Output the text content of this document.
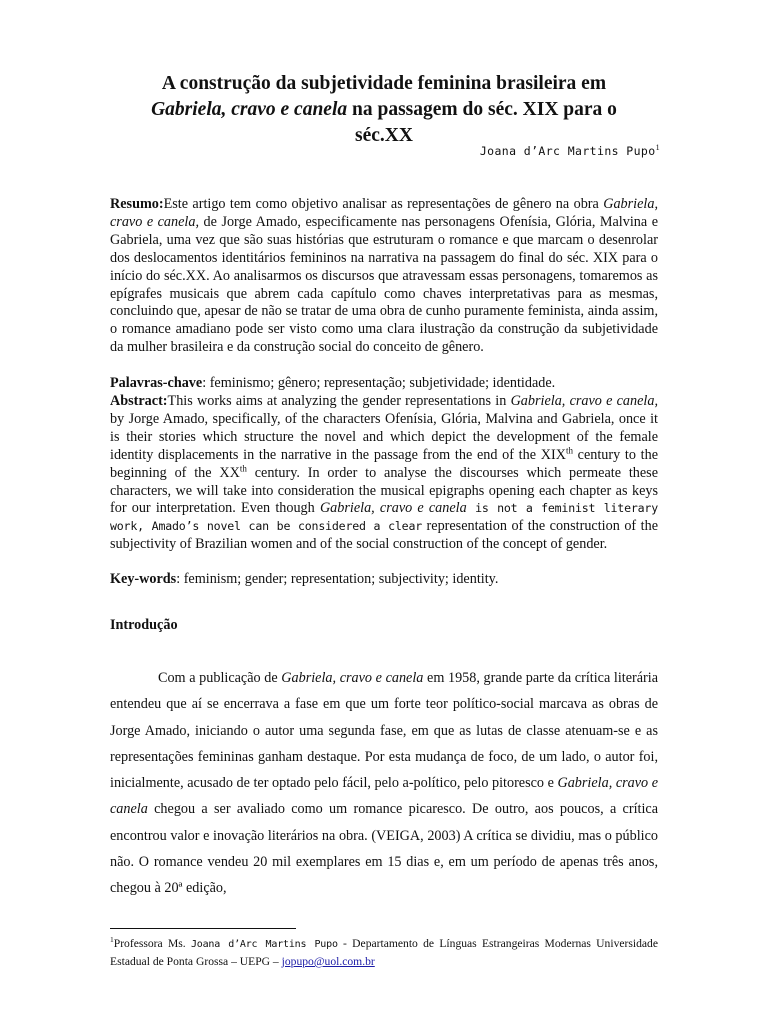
A construção da subjetividade feminina brasileira em
Gabriela, cravo e canela na passagem do séc. XIX para o
séc.XX
Joana d’Arc Martins Pupo$^1$
Resumo:Este artigo tem como objetivo analisar as representações de gênero na obra Gabriela, cravo e canela, de Jorge Amado, especificamente nas personagens Ofenísia, Glória, Malvina e Gabriela, uma vez que são suas histórias que estruturam o romance e que marcam o desenrolar dos deslocamentos identitários femininos na narrativa na passagem do final do séc. XIX para o início do séc.XX. Ao analisarmos os discursos que atravessam essas personagens, tomaremos as epígrafes musicais que abrem cada capítulo como chaves interpretativas para as mesmas, concluindo que, apesar de não se tratar de uma obra de cunho puramente feminista, ainda assim, o romance amadiano pode ser visto como uma clara ilustração da construção da subjetividade da mulher brasileira e da construção social do conceito de gênero.
Palavras-chave: feminismo; gênero; representação; subjetividade; identidade.
Abstract:This works aims at analyzing the gender representations in Gabriela, cravo e canela, by Jorge Amado, specifically, of the characters Ofenísia, Glória, Malvina and Gabriela, once it is their stories which structure the novel and which depict the development of the female identity displacements in the narrative in the passage from the end of the XIXth century to the beginning of the XXth century. In order to analyse the discourses which permeate these characters, we will take into consideration the musical epigraphs opening each chapter as keys for our interpretation. Even though Gabriela, cravo e canela is not a feminist literary work, Amado’s novel can be considered a clear representation of the construction of the subjectivity of Brazilian women and of the social construction of the concept of gender.
Key-words: feminism; gender; representation; subjectivity; identity.
Introdução
Com a publicação de Gabriela, cravo e canela em 1958, grande parte da crítica literária entendeu que aí se encerrava a fase em que um forte teor político-social marcava as obras de Jorge Amado, iniciando o autor uma segunda fase, em que as lutas de classe atenuam-se e as representações femininas ganham destaque. Por esta mudança de foco, de um lado, o autor foi, inicialmente, acusado de ter optado pelo fácil, pelo a-político, pelo pitoresco e Gabriela, cravo e canela chegou a ser avaliado como um romance picaresco. De outro, aos poucos, a crítica encontrou valor e inovação literários na obra. (VEIGA, 2003) A crítica se dividiu, mas o público não. O romance vendeu 20 mil exemplares em 15 dias e, em um período de apenas três anos, chegou à 20ª edição,
$^1$Professora Ms. Joana d’Arc Martins Pupo - Departamento de Línguas Estrangeiras Modernas Universidade Estadual de Ponta Grossa – UEPG – jopupo@uol.com.br
